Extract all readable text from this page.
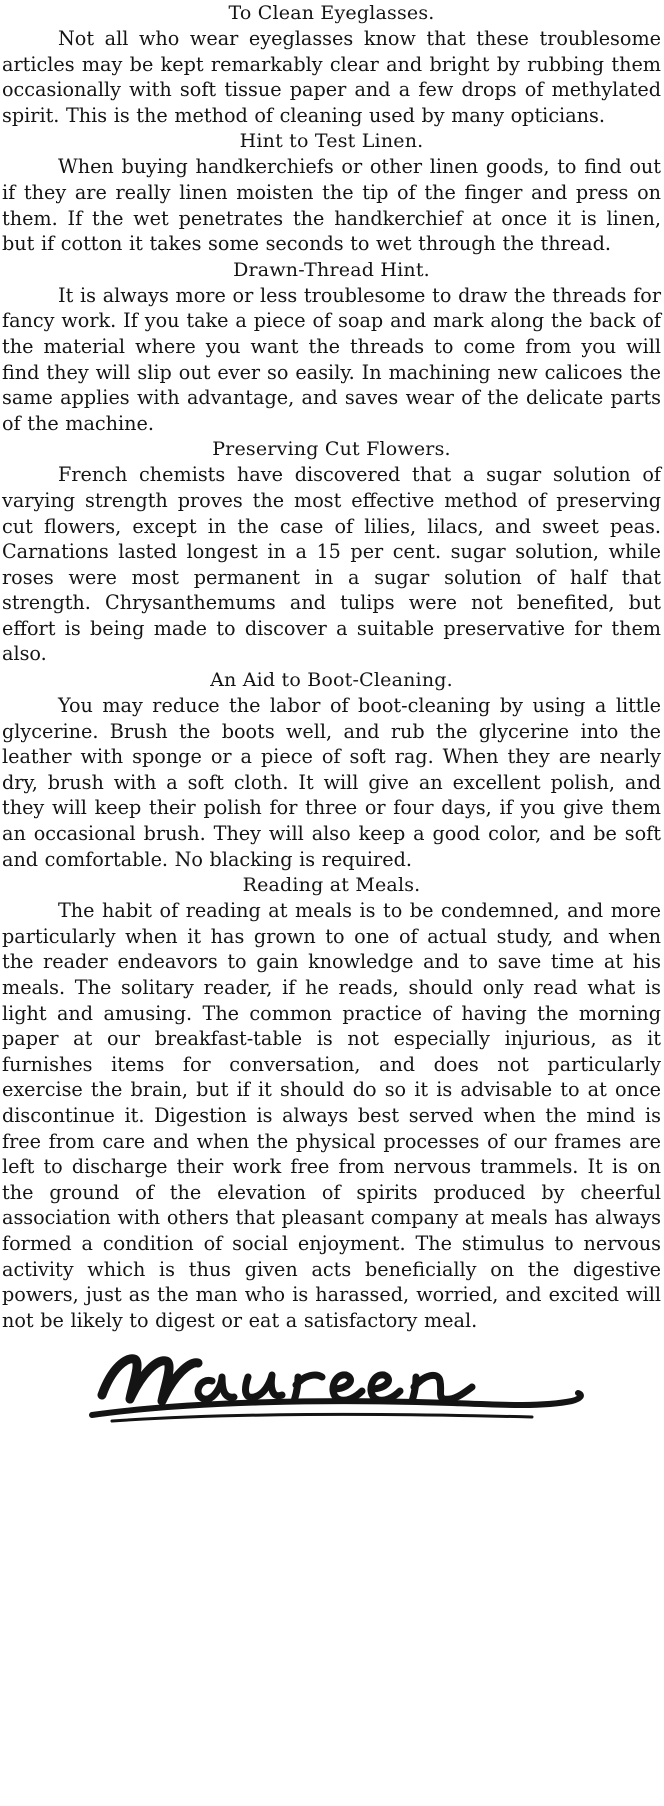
To Clean Eyeglasses.

Not all who wear eyeglasses know that these troublesome articles may be kept remarkably clear and bright by rubbing them occasionally with soft tissue paper and a few drops of methylated spirit. This is the method of cleaning used by many opticians.

Hint to Test Linen.

When buying handkerchiefs or other linen goods, to find out if they are really linen moisten the tip of the finger and press on them. If the wet penetrates the handkerchief at once it is linen, but if cotton it takes some seconds to wet through the thread.

Drawn-Thread Hint.

It is always more or less troublesome to draw the threads for fancy work. If you take a piece of soap and mark along the back of the material where you want the threads to come from you will find they will slip out ever so easily. In machining new calicoes the same applies with advantage, and saves wear of the delicate parts of the machine.

Preserving Cut Flowers.

French chemists have discovered that a sugar solution of varying strength proves the most effective method of preserving cut flowers, except in the case of lilies, lilacs, and sweet peas. Carnations lasted longest in a 15 per cent. sugar solution, while roses were most permanent in a sugar solution of half that strength. Chrysanthemums and tulips were not benefited, but effort is being made to discover a suitable preservative for them also.

An Aid to Boot-Cleaning.

You may reduce the labor of boot-cleaning by using a little glycerine. Brush the boots well, and rub the glycerine into the leather with sponge or a piece of soft rag. When they are nearly dry, brush with a soft cloth. It will give an excellent polish, and they will keep their polish for three or four days, if you give them an occasional brush. They will also keep a good color, and be soft and comfortable. No blacking is required.

Reading at Meals.

The habit of reading at meals is to be condemned, and more particularly when it has grown to one of actual study, and when the reader endeavors to gain knowledge and to save time at his meals. The solitary reader, if he reads, should only read what is light and amusing. The common practice of having the morning paper at our breakfast-table is not especially injurious, as it furnishes items for conversation, and does not particularly exercise the brain, but if it should do so it is advisable to at once discontinue it. Digestion is always best served when the mind is free from care and when the physical processes of our frames are left to discharge their work free from nervous trammels. It is on the ground of the elevation of spirits produced by cheerful association with others that pleasant company at meals has always formed a condition of social enjoyment. The stimulus to nervous activity which is thus given acts beneficially on the digestive powers, just as the man who is harassed, worried, and excited will not be likely to digest or eat a satisfactory meal.
